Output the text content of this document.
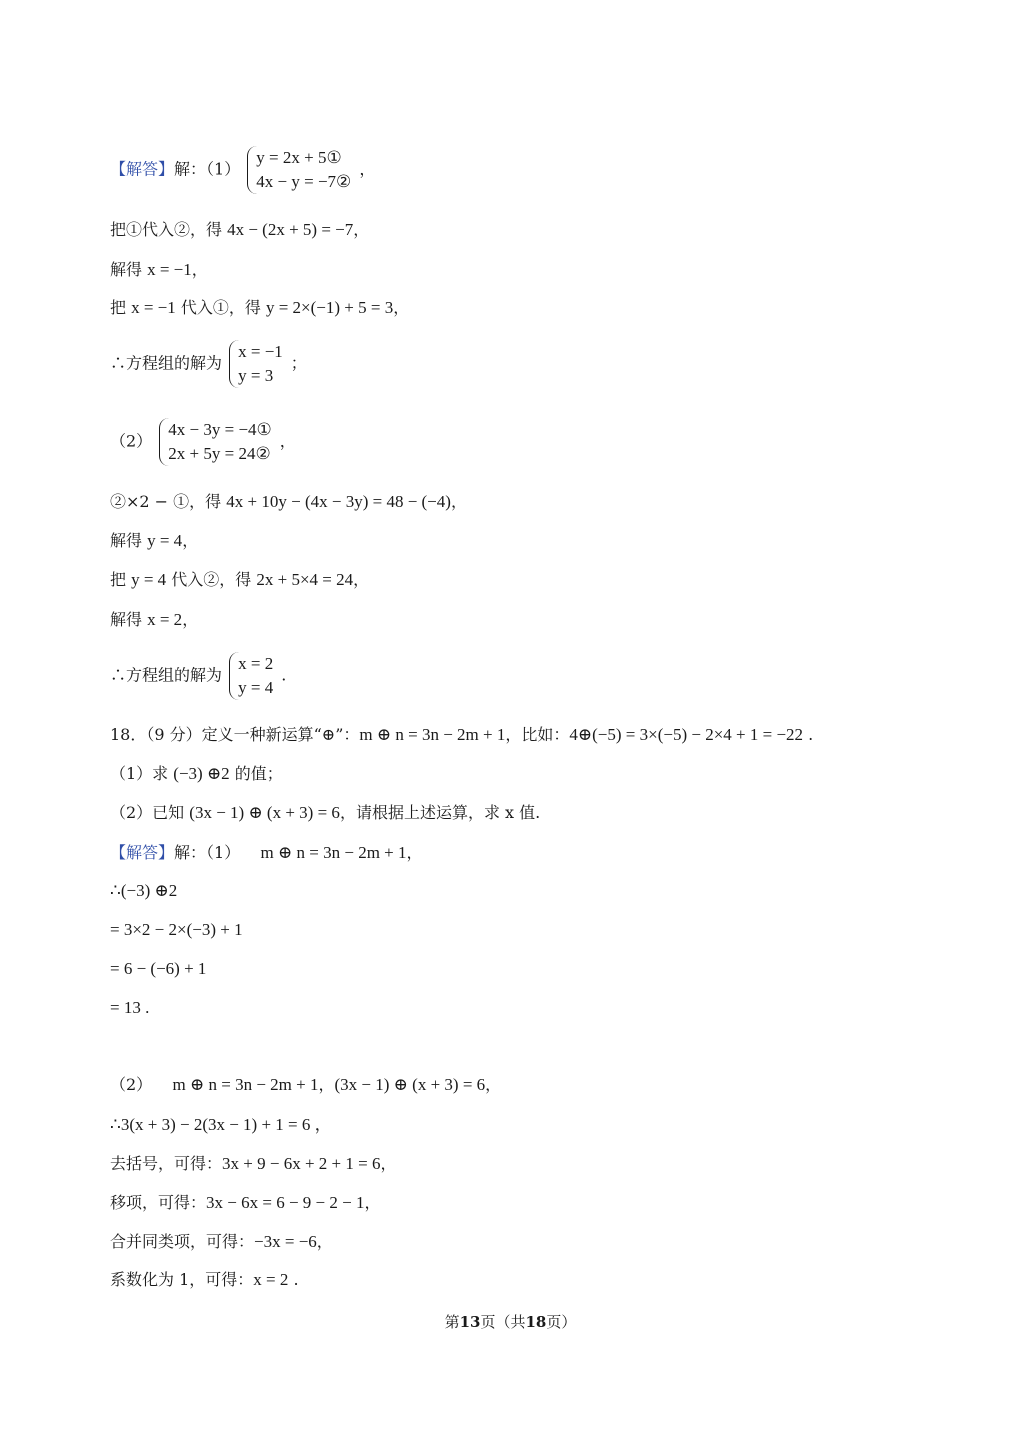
【解答】解：（1）
y = 2x + 5①
4x − y = −7②
，
把①代入②，得 4x − (2x + 5) = −7，
解得 x = −1，
把 x = −1 代入①，得 y = 2×(−1) + 5 = 3，
∴方程组的解为
x = −1
y = 3
；
（2）
4x − 3y = −4①
2x + 5y = 24②
，
②×2 − ①，得 4x + 10y − (4x − 3y) = 48 − (−4)，
解得 y = 4，
把 y = 4 代入②，得 2x + 5×4 = 24，
解得 x = 2，
∴方程组的解为
x = 2
y = 4
.
18．（9 分）定义一种新运算“⊕”：m ⊕ n = 3n − 2m + 1，比如：4⊕(−5) = 3×(−5) − 2×4 + 1 = −22 .
（1）求 (−3) ⊕2 的值；
（2）已知 (3x − 1) ⊕ (x + 3) = 6，请根据上述运算，求 x 值.
【解答】解：（1） m ⊕ n = 3n − 2m + 1，
∴(−3) ⊕2
= 3×2 − 2×(−3) + 1
= 6 − (−6) + 1
= 13 .
（2） m ⊕ n = 3n − 2m + 1，(3x − 1) ⊕ (x + 3) = 6，
∴3(x + 3) − 2(3x − 1) + 1 = 6 ，
去括号，可得：3x + 9 − 6x + 2 + 1 = 6，
移项，可得：3x − 6x = 6 − 9 − 2 − 1，
合并同类项，可得：−3x = −6，
系数化为 1，可得：x = 2 .
第13页（共18页）
